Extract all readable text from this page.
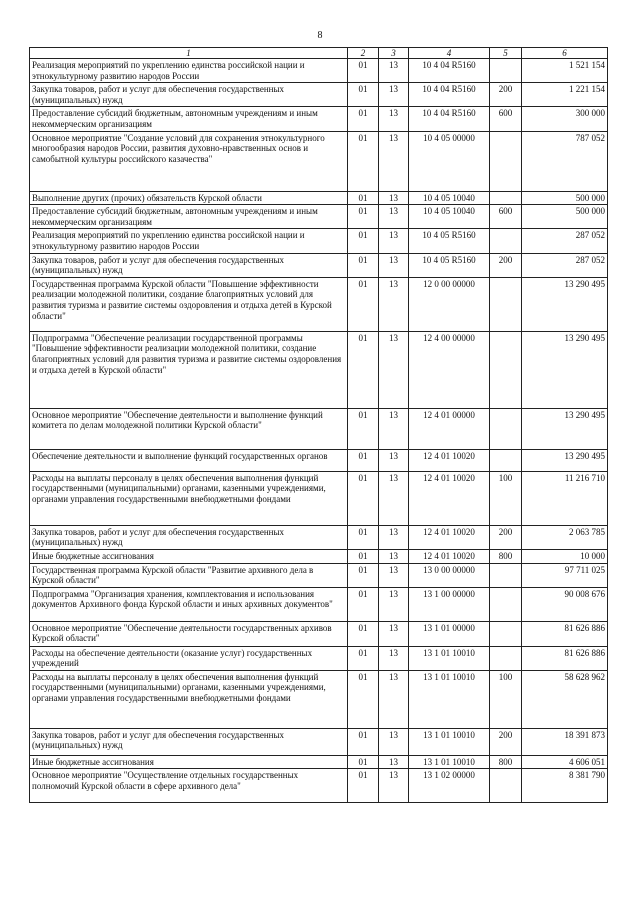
8
1	2	3	4	5	6
Реализация мероприятий по укреплению единства российской нации и этнокультурному развитию народов России	01	13	10 4 04 R5160		1 521 154
Закупка товаров, работ и услуг для обеспечения государственных (муниципальных) нужд	01	13	10 4 04 R5160	200	1 221 154
Предоставление субсидий бюджетным, автономным учреждениям и иным некоммерческим организациям	01	13	10 4 04 R5160	600	300 000
Основное мероприятие "Создание условий для сохранения этнокультурного многообразия народов России, развития духовно-нравственных основ и самобытной культуры российского казачества"	01	13	10 4 05 00000		787 052
Выполнение других (прочих) обязательств Курской области	01	13	10 4 05 10040		500 000
Предоставление субсидий бюджетным, автономным учреждениям и иным некоммерческим организациям	01	13	10 4 05 10040	600	500 000
Реализация мероприятий по укреплению единства российской нации и этнокультурному развитию народов России	01	13	10 4 05 R5160		287 052
Закупка товаров, работ и услуг для обеспечения государственных (муниципальных) нужд	01	13	10 4 05 R5160	200	287 052
Государственная программа Курской области "Повышение эффективности реализации молодежной политики, создание благоприятных условий для развития туризма и развитие системы оздоровления и отдыха детей в Курской области"	01	13	12 0 00 00000		13 290 495
Подпрограмма "Обеспечение реализации государственной программы "Повышение эффективности реализации молодежной политики, создание благоприятных условий для развития туризма и развитие системы оздоровления и отдыха детей в Курской области"	01	13	12 4 00 00000		13 290 495
Основное мероприятие "Обеспечение деятельности и выполнение функций комитета по делам молодежной политики Курской области"	01	13	12 4 01 00000		13 290 495
Обеспечение деятельности и выполнение функций государственных органов	01	13	12 4 01 10020		13 290 495
Расходы на выплаты персоналу в целях обеспечения выполнения функций государственными (муниципальными) органами, казенными учреждениями, органами управления государственными внебюджетными фондами	01	13	12 4 01 10020	100	11 216 710
Закупка товаров, работ и услуг для обеспечения государственных (муниципальных) нужд	01	13	12 4 01 10020	200	2 063 785
Иные бюджетные ассигнования	01	13	12 4 01 10020	800	10 000
Государственная программа Курской области "Развитие архивного дела в Курской области"	01	13	13 0 00 00000		97 711 025
Подпрограмма "Организация хранения, комплектования и использования документов Архивного фонда Курской области и иных архивных документов"	01	13	13 1 00 00000		90 008 676
Основное мероприятие "Обеспечение деятельности государственных архивов Курской области"	01	13	13 1 01 00000		81 626 886
Расходы на обеспечение деятельности (оказание услуг) государственных учреждений	01	13	13 1 01 10010		81 626 886
Расходы на выплаты персоналу в целях обеспечения выполнения функций государственными (муниципальными) органами, казенными учреждениями, органами управления государственными внебюджетными фондами	01	13	13 1 01 10010	100	58 628 962
Закупка товаров, работ и услуг для обеспечения государственных (муниципальных) нужд	01	13	13 1 01 10010	200	18 391 873
Иные бюджетные ассигнования	01	13	13 1 01 10010	800	4 606 051
Основное мероприятие "Осуществление отдельных государственных полномочий Курской области в сфере архивного дела"	01	13	13 1 02 00000		8 381 790
